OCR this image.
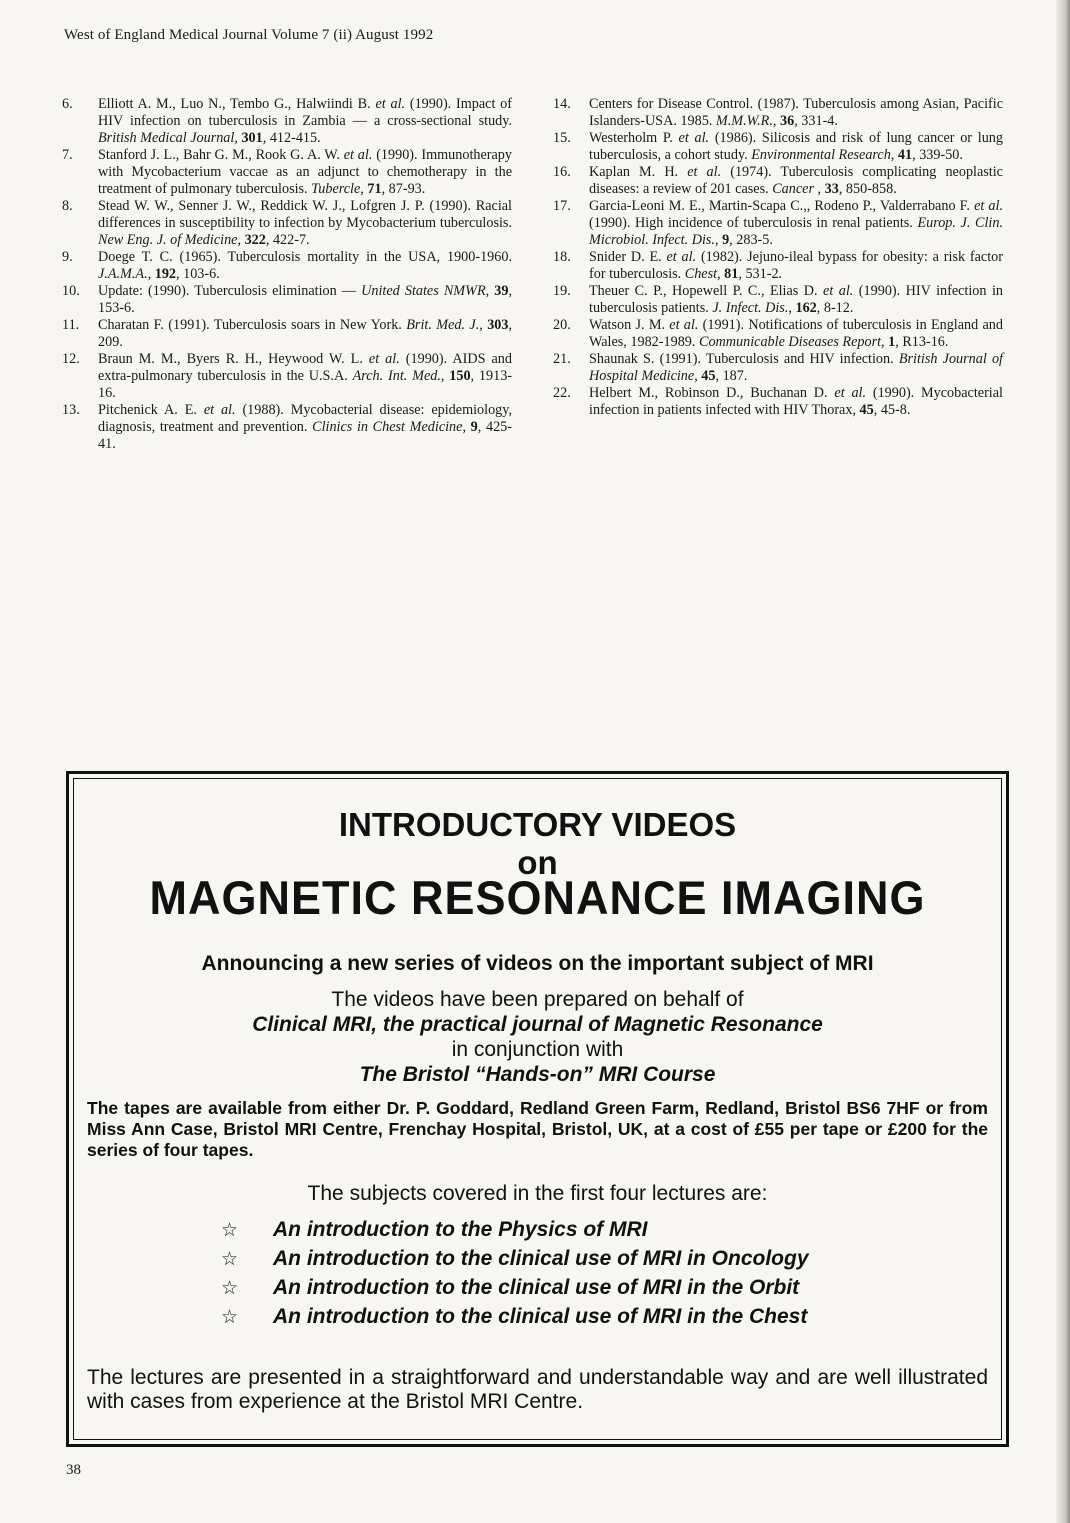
West of England Medical Journal Volume 7 (ii) August 1992
6.	Elliott A. M., Luo N., Tembo G., Halwiindi B. et al. (1990). Impact of HIV infection on tuberculosis in Zambia — a cross-sectional study. British Medical Journal, 301, 412-415.
7.	Stanford J. L., Bahr G. M., Rook G. A. W. et al. (1990). Immunotherapy with Mycobacterium vaccae as an adjunct to chemotherapy in the treatment of pulmonary tuberculosis. Tubercle, 71, 87-93.
8.	Stead W. W., Senner J. W., Reddick W. J., Lofgren J. P. (1990). Racial differences in susceptibility to infection by Mycobacterium tuberculosis. New Eng. J. of Medicine, 322, 422-7.
9.	Doege T. C. (1965). Tuberculosis mortality in the USA, 1900-1960. J.A.M.A., 192, 103-6.
10.	Update: (1990). Tuberculosis elimination — United States NMWR, 39, 153-6.
11.	Charatan F. (1991). Tuberculosis soars in New York. Brit. Med. J., 303, 209.
12.	Braun M. M., Byers R. H., Heywood W. L. et al. (1990). AIDS and extra-pulmonary tuberculosis in the U.S.A. Arch. Int. Med., 150, 1913-16.
13.	Pitchenick A. E. et al. (1988). Mycobacterial disease: epidemiology, diagnosis, treatment and prevention. Clinics in Chest Medicine, 9, 425-41.
14.	Centers for Disease Control. (1987). Tuberculosis among Asian, Pacific Islanders-USA. 1985. M.M.W.R., 36, 331-4.
15.	Westerholm P. et al. (1986). Silicosis and risk of lung cancer or lung tuberculosis, a cohort study. Environmental Research, 41, 339-50.
16.	Kaplan M. H. et al. (1974). Tuberculosis complicating neoplastic diseases: a review of 201 cases. Cancer , 33, 850-858.
17.	Garcia-Leoni M. E., Martin-Scapa C.,, Rodeno P., Valderrabano F. et al. (1990). High incidence of tuberculosis in renal patients. Europ. J. Clin. Microbiol. Infect. Dis., 9, 283-5.
18.	Snider D. E. et al. (1982). Jejuno-ileal bypass for obesity: a risk factor for tuberculosis. Chest, 81, 531-2.
19.	Theuer C. P., Hopewell P. C., Elias D. et al. (1990). HIV infection in tuberculosis patients. J. Infect. Dis., 162, 8-12.
20.	Watson J. M. et al. (1991). Notifications of tuberculosis in England and Wales, 1982-1989. Communicable Diseases Report, 1, R13-16.
21.	Shaunak S. (1991). Tuberculosis and HIV infection. British Journal of Hospital Medicine, 45, 187.
22.	Helbert M., Robinson D., Buchanan D. et al. (1990). Mycobacterial infection in patients infected with HIV Thorax, 45, 45-8.
INTRODUCTORY VIDEOS
on
MAGNETIC RESONANCE IMAGING
Announcing a new series of videos on the important subject of MRI
The videos have been prepared on behalf of
Clinical MRI, the practical journal of Magnetic Resonance
in conjunction with
The Bristol “Hands-on” MRI Course
The tapes are available from either Dr. P. Goddard, Redland Green Farm, Redland, Bristol BS6 7HF or from Miss Ann Case, Bristol MRI Centre, Frenchay Hospital, Bristol, UK, at a cost of £55 per tape or £200 for the series of four tapes.
The subjects covered in the first four lectures are:
☆	An introduction to the Physics of MRI
☆	An introduction to the clinical use of MRI in Oncology
☆	An introduction to the clinical use of MRI in the Orbit
☆	An introduction to the clinical use of MRI in the Chest
The lectures are presented in a straightforward and understandable way and are well illustrated with cases from experience at the Bristol MRI Centre.
38
